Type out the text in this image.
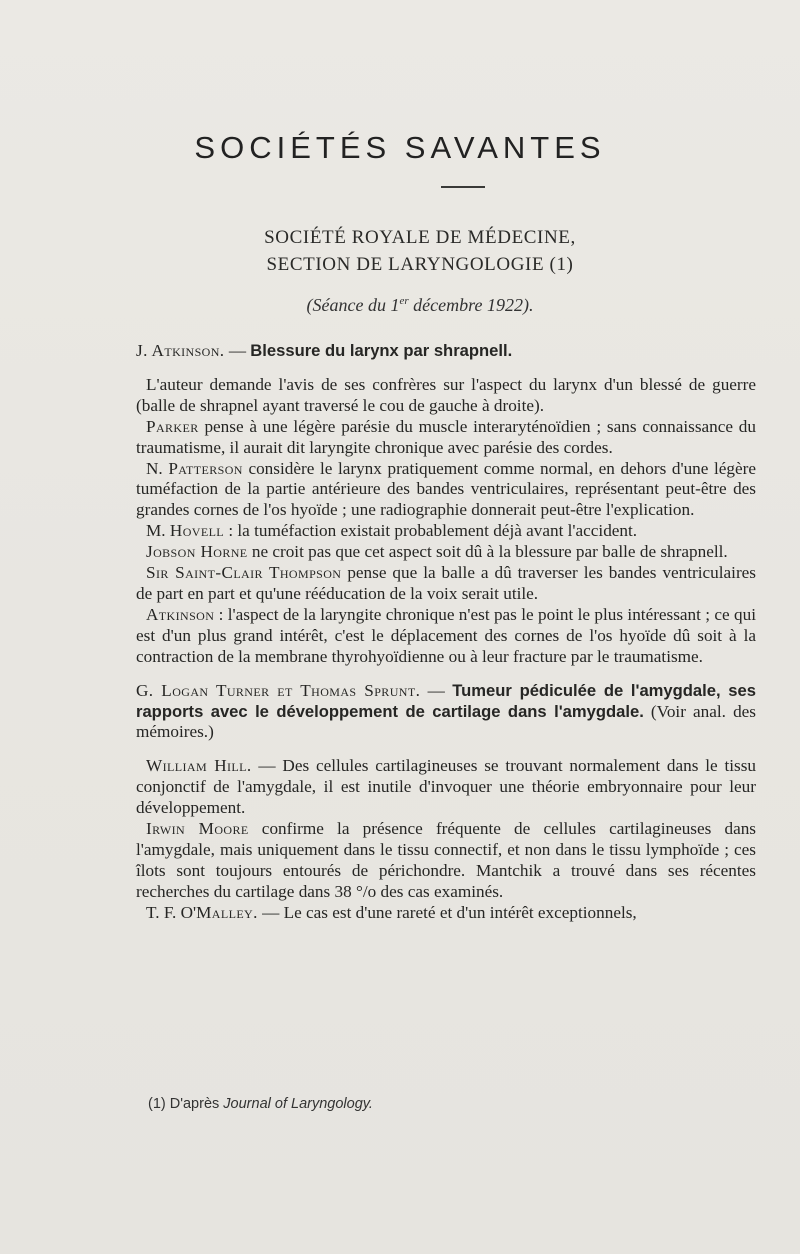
SOCIÉTÉS SAVANTES
SOCIÉTÉ ROYALE DE MÉDECINE,
SECTION DE LARYNGOLOGIE (1)
(Séance du 1er décembre 1922).

J. Atkinson. — Blessure du larynx par shrapnell.

L'auteur demande l'avis de ses confrères sur l'aspect du larynx d'un blessé de guerre (balle de shrapnel ayant traversé le cou de gauche à droite).

Parker pense à une légère parésie du muscle interaryténoïdien ; sans connaissance du traumatisme, il aurait dit laryngite chronique avec parésie des cordes.

N. Patterson considère le larynx pratiquement comme normal, en dehors d'une légère tuméfaction de la partie antérieure des bandes ventriculaires, représentant peut-être des grandes cornes de l'os hyoïde ; une radiographie donnerait peut-être l'explication.

M. Hovell : la tuméfaction existait probablement déjà avant l'accident.

Jobson Horne ne croit pas que cet aspect soit dû à la blessure par balle de shrapnell.

Sir Saint-Clair Thompson pense que la balle a dû traverser les bandes ventriculaires de part en part et qu'une rééducation de la voix serait utile.

Atkinson : l'aspect de la laryngite chronique n'est pas le point le plus intéressant ; ce qui est d'un plus grand intérêt, c'est le déplacement des cornes de l'os hyoïde dû soit à la contraction de la membrane thyrohyoïdienne ou à leur fracture par le traumatisme.

G. Logan Turner et Thomas Sprunt. — Tumeur pédiculée de l'amygdale, ses rapports avec le développement de cartilage dans l'amygdale. (Voir anal. des mémoires.)

William Hill. — Des cellules cartilagineuses se trouvant normalement dans le tissu conjonctif de l'amygdale, il est inutile d'invoquer une théorie embryonnaire pour leur développement.

Irwin Moore confirme la présence fréquente de cellules cartilagineuses dans l'amygdale, mais uniquement dans le tissu connectif, et non dans le tissu lymphoïde ; ces îlots sont toujours entourés de périchondre. Mantchik a trouvé dans ses récentes recherches du cartilage dans 38 °/o des cas examinés.

T. F. O'Malley. — Le cas est d'une rareté et d'un intérêt exceptionnels,

(1) D'après Journal of Laryngology.
